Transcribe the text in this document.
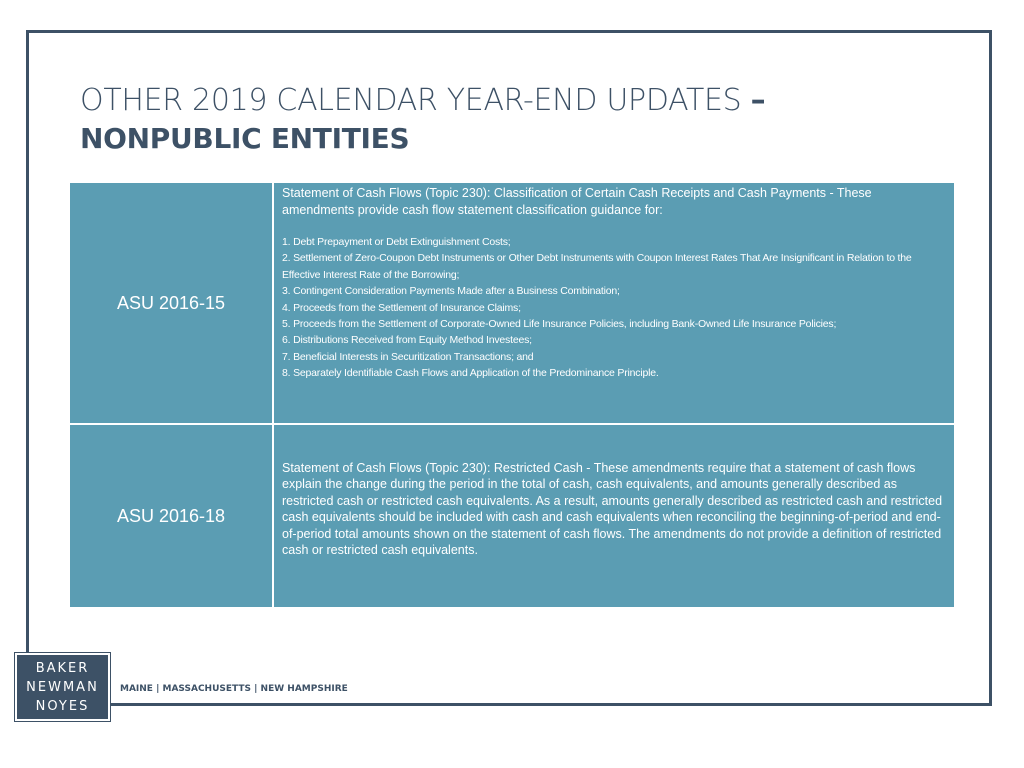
OTHER 2019 CALENDAR YEAR-END UPDATES –
NONPUBLIC ENTITIES
ASU 2016-15

Statement of Cash Flows (Topic 230): Classification of Certain Cash Receipts and Cash Payments - These amendments provide cash flow statement classification guidance for:

1. Debt Prepayment or Debt Extinguishment Costs;
2. Settlement of Zero-Coupon Debt Instruments or Other Debt Instruments with Coupon Interest Rates That Are Insignificant in Relation to the Effective Interest Rate of the Borrowing;
3. Contingent Consideration Payments Made after a Business Combination;
4. Proceeds from the Settlement of Insurance Claims;
5. Proceeds from the Settlement of Corporate-Owned Life Insurance Policies, including Bank-Owned Life Insurance Policies;
6. Distributions Received from Equity Method Investees;
7. Beneficial Interests in Securitization Transactions; and
8. Separately Identifiable Cash Flows and Application of the Predominance Principle.
ASU 2016-18
Statement of Cash Flows (Topic 230): Restricted Cash - These amendments require that a statement of cash flows explain the change during the period in the total of cash, cash equivalents, and amounts generally described as restricted cash or restricted cash equivalents. As a result, amounts generally described as restricted cash and restricted cash equivalents should be included with cash and cash equivalents when reconciling the beginning-of-period and end-of-period total amounts shown on the statement of cash flows. The amendments do not provide a definition of restricted cash or restricted cash equivalents.
BAKER
NEWMAN
NOYES
MAINE | MASSACHUSETTS | NEW HAMPSHIRE
